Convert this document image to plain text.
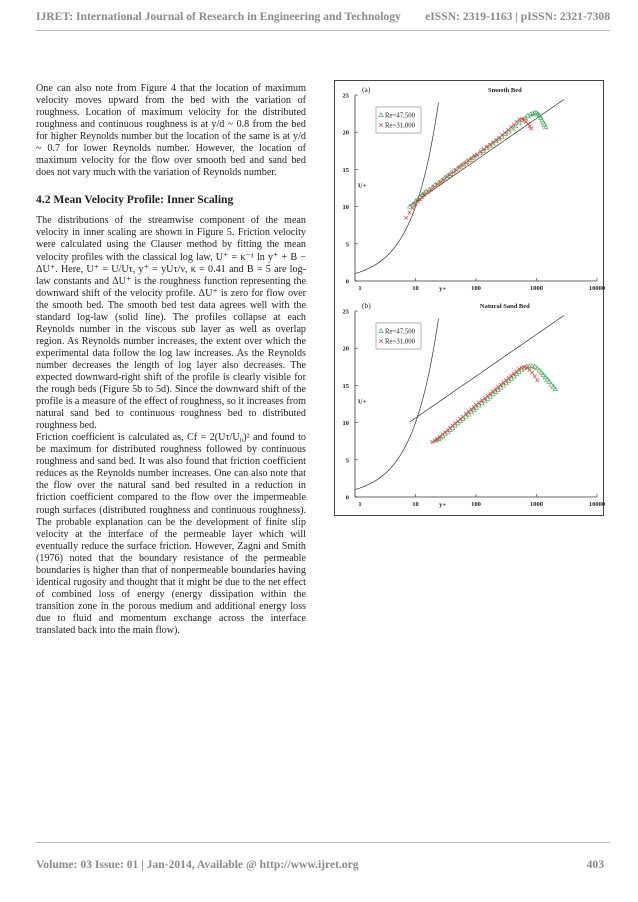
IJRET: International Journal of Research in Engineering and Technology eISSN: 2319-1163 | pISSN: 2321-7308

One can also note from Figure 4 that the location of maximum velocity moves upward from the bed with the variation of roughness. Location of maximum velocity for the distributed roughness and continuous roughness is at y/d ~ 0.8 from the bed for higher Reynolds number but the location of the same is at y/d ~ 0.7 for lower Reynolds number. However, the location of maximum velocity for the flow over smooth bed and sand bed does not vary much with the variation of Reynolds number.

4.2 Mean Velocity Profile: Inner Scaling

The distributions of the streamwise component of the mean velocity in inner scaling are shown in Figure 5. Friction velocity were calculated using the Clauser method by fitting the mean velocity profiles with the classical log law, U⁺ = κ⁻¹ ln y⁺ + B − ΔU⁺. Here, U⁺ = U/Uτ, y⁺ = yUτ/ν, κ = 0.41 and B = 5 are log-law constants and ΔU⁺ is the roughness function representing the downward shift of the velocity profile. ΔU⁺ is zero for flow over the smooth bed. The smooth bed test data agrees well with the standard log-law (solid line). The profiles collapse at each Reynolds number in the viscous sub layer as well as overlap region. As Reynolds number increases, the extent over which the experimental data follow the log law increases. As the Reynolds number decreases the length of log layer also decreases. The expected downward-right shift of the profile is clearly visible for the rough beds (Figure 5b to 5d). Since the downward shift of the profile is a measure of the effect of roughness, so it increases from natural sand bed to continuous roughness bed to distributed roughness bed.

Friction coefficient is calculated as, Cf = 2(Uτ/U₀)² and found to be maximum for distributed roughness followed by continuous roughness and sand bed. It was also found that friction coefficient reduces as the Reynolds number increases. One can also note that the flow over the natural sand bed resulted in a reduction in friction coefficient compared to the flow over the impermeable rough surfaces (distributed roughness and continuous roughness). The probable explanation can be the development of finite slip velocity at the interface of the permeable layer which will eventually reduce the surface friction. However, Zagni and Smith (1976) noted that the boundary resistance of the permeable boundaries is higher than that of nonpermeable boundaries having identical rugosity and thought that it might be due to the net effect of combined loss of energy (energy dissipation within the transition zone in the porous medium and additional energy loss due to fluid and momentum exchange across the interface translated back into the main flow).

0
5
10
15
20
25
1	10	100	1000	10000
U+
y+
(a)	Smooth Bed
Re=47,500
Re=31,000
0
5
10
15
20
25
1	10	100	1000	10000
U+
y+
(b)	Natural Sand Bed
Re=47,500
Re=31,000
Volume: 03 Issue: 01 | Jan-2014, Available @ http://www.ijret.org	403
